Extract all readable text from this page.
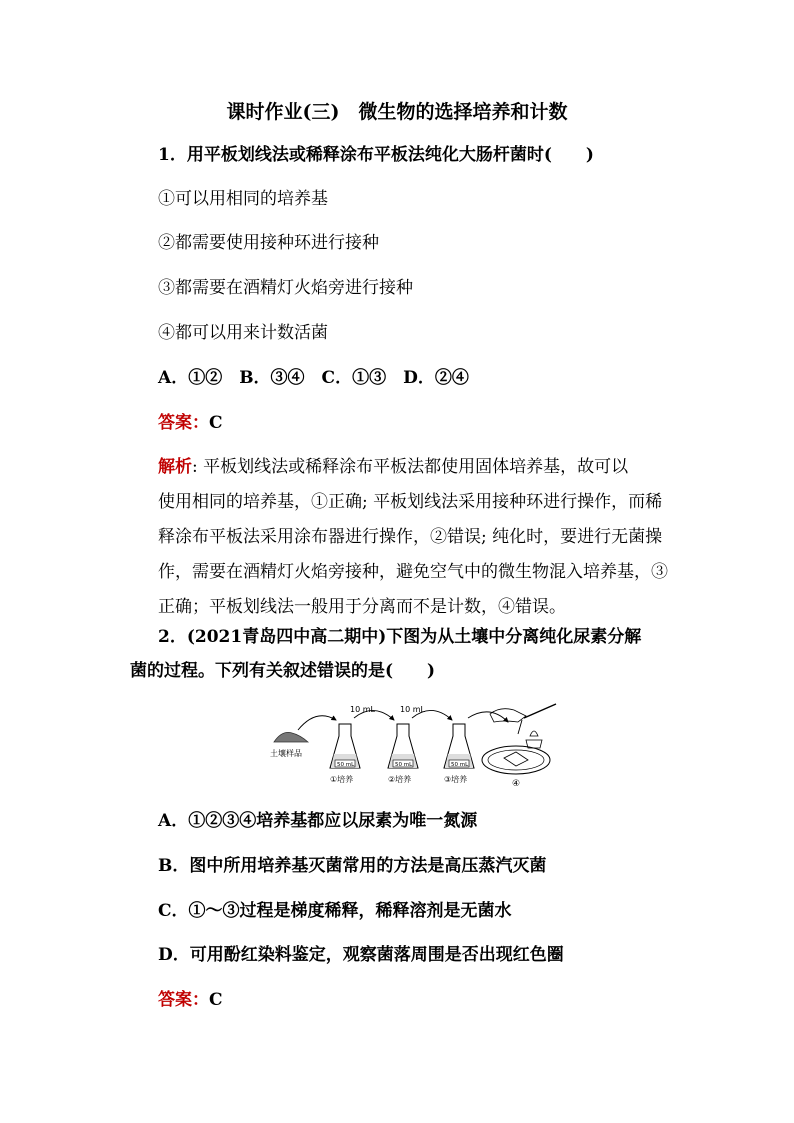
课时作业(三)　微生物的选择培养和计数
1．用平板划线法或稀释涂布平板法纯化大肠杆菌时(　　)
①可以用相同的培养基
②都需要使用接种环进行接种
③都需要在酒精灯火焰旁进行接种
④都可以用来计数活菌
A．①②　B．③④　C．①③　D．②④
答案：C
解析: 平板划线法或稀释涂布平板法都使用固体培养基，故可以
使用相同的培养基，①正确; 平板划线法采用接种环进行操作，而稀
释涂布平板法采用涂布器进行操作，②错误; 纯化时，要进行无菌操
作，需要在酒精灯火焰旁接种，避免空气中的微生物混入培养基，③
正确；平板划线法一般用于分离而不是计数，④错误。
2．(2021青岛四中高二期中)下图为从土壤中分离纯化尿素分解
菌的过程。下列有关叙述错误的是(　　)
土壤样品
10 mL	10 mL
50 mL
①培养
50 mL
②培养
50 mL
③培养	④
A．①②③④培养基都应以尿素为唯一氮源
B．图中所用培养基灭菌常用的方法是高压蒸汽灭菌
C．①～③过程是梯度稀释，稀释溶剂是无菌水
D．可用酚红染料鉴定，观察菌落周围是否出现红色圈
答案：C
